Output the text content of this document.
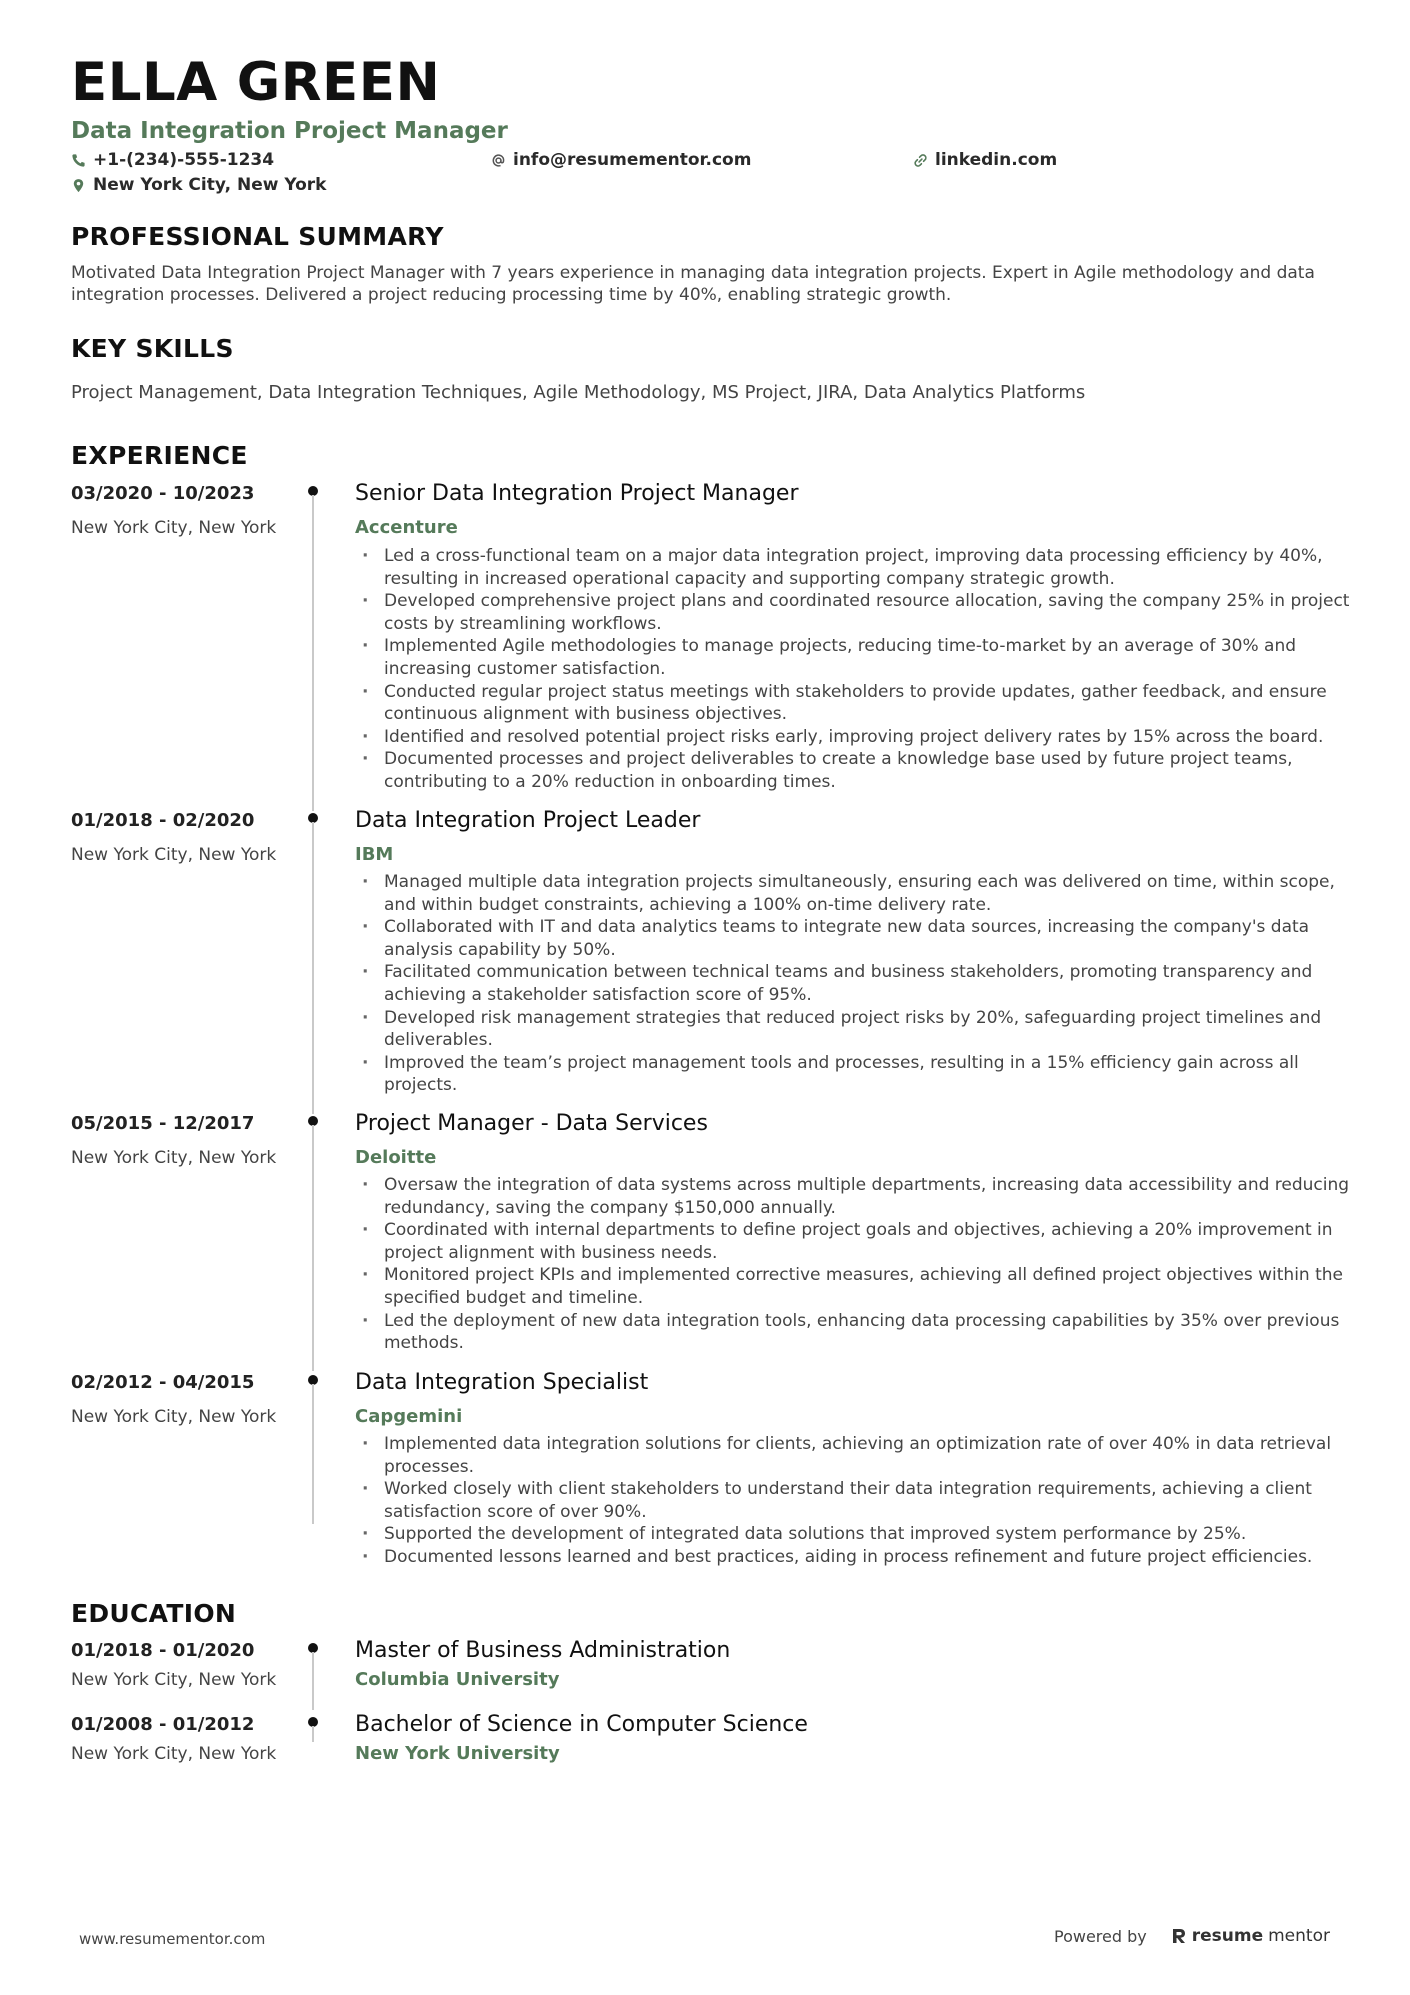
ELLA GREEN
Data Integration Project Manager
+1-(234)-555-1234	info@resumementor.com	linkedin.com
New York City, New York
PROFESSIONAL SUMMARY
Motivated Data Integration Project Manager with 7 years experience in managing data integration projects. Expert in Agile methodology and data integration processes. Delivered a project reducing processing time by 40%, enabling strategic growth.
KEY SKILLS
Project Management, Data Integration Techniques, Agile Methodology, MS Project, JIRA, Data Analytics Platforms
EXPERIENCE
03/2020 - 10/2023
New York City, New York
Senior Data Integration Project Manager
Accenture
· Led a cross-functional team on a major data integration project, improving data processing efficiency by 40%, resulting in increased operational capacity and supporting company strategic growth.
· Developed comprehensive project plans and coordinated resource allocation, saving the company 25% in project costs by streamlining workflows.
· Implemented Agile methodologies to manage projects, reducing time-to-market by an average of 30% and increasing customer satisfaction.
· Conducted regular project status meetings with stakeholders to provide updates, gather feedback, and ensure continuous alignment with business objectives.
· Identified and resolved potential project risks early, improving project delivery rates by 15% across the board.
· Documented processes and project deliverables to create a knowledge base used by future project teams, contributing to a 20% reduction in onboarding times.
01/2018 - 02/2020
New York City, New York
Data Integration Project Leader
IBM
· Managed multiple data integration projects simultaneously, ensuring each was delivered on time, within scope, and within budget constraints, achieving a 100% on-time delivery rate.
· Collaborated with IT and data analytics teams to integrate new data sources, increasing the company's data analysis capability by 50%.
· Facilitated communication between technical teams and business stakeholders, promoting transparency and achieving a stakeholder satisfaction score of 95%.
· Developed risk management strategies that reduced project risks by 20%, safeguarding project timelines and deliverables.
· Improved the team’s project management tools and processes, resulting in a 15% efficiency gain across all projects.
05/2015 - 12/2017
New York City, New York
Project Manager - Data Services
Deloitte
· Oversaw the integration of data systems across multiple departments, increasing data accessibility and reducing redundancy, saving the company $150,000 annually.
· Coordinated with internal departments to define project goals and objectives, achieving a 20% improvement in project alignment with business needs.
· Monitored project KPIs and implemented corrective measures, achieving all defined project objectives within the specified budget and timeline.
· Led the deployment of new data integration tools, enhancing data processing capabilities by 35% over previous methods.
02/2012 - 04/2015
New York City, New York
Data Integration Specialist
Capgemini
· Implemented data integration solutions for clients, achieving an optimization rate of over 40% in data retrieval processes.
· Worked closely with client stakeholders to understand their data integration requirements, achieving a client satisfaction score of over 90%.
· Supported the development of integrated data solutions that improved system performance by 25%.
· Documented lessons learned and best practices, aiding in process refinement and future project efficiencies.
EDUCATION
01/2018 - 01/2020
New York City, New York
Master of Business Administration
Columbia University
01/2008 - 01/2012
New York City, New York
Bachelor of Science in Computer Science
New York University
www.resumementor.com	Powered by	resume mentor
